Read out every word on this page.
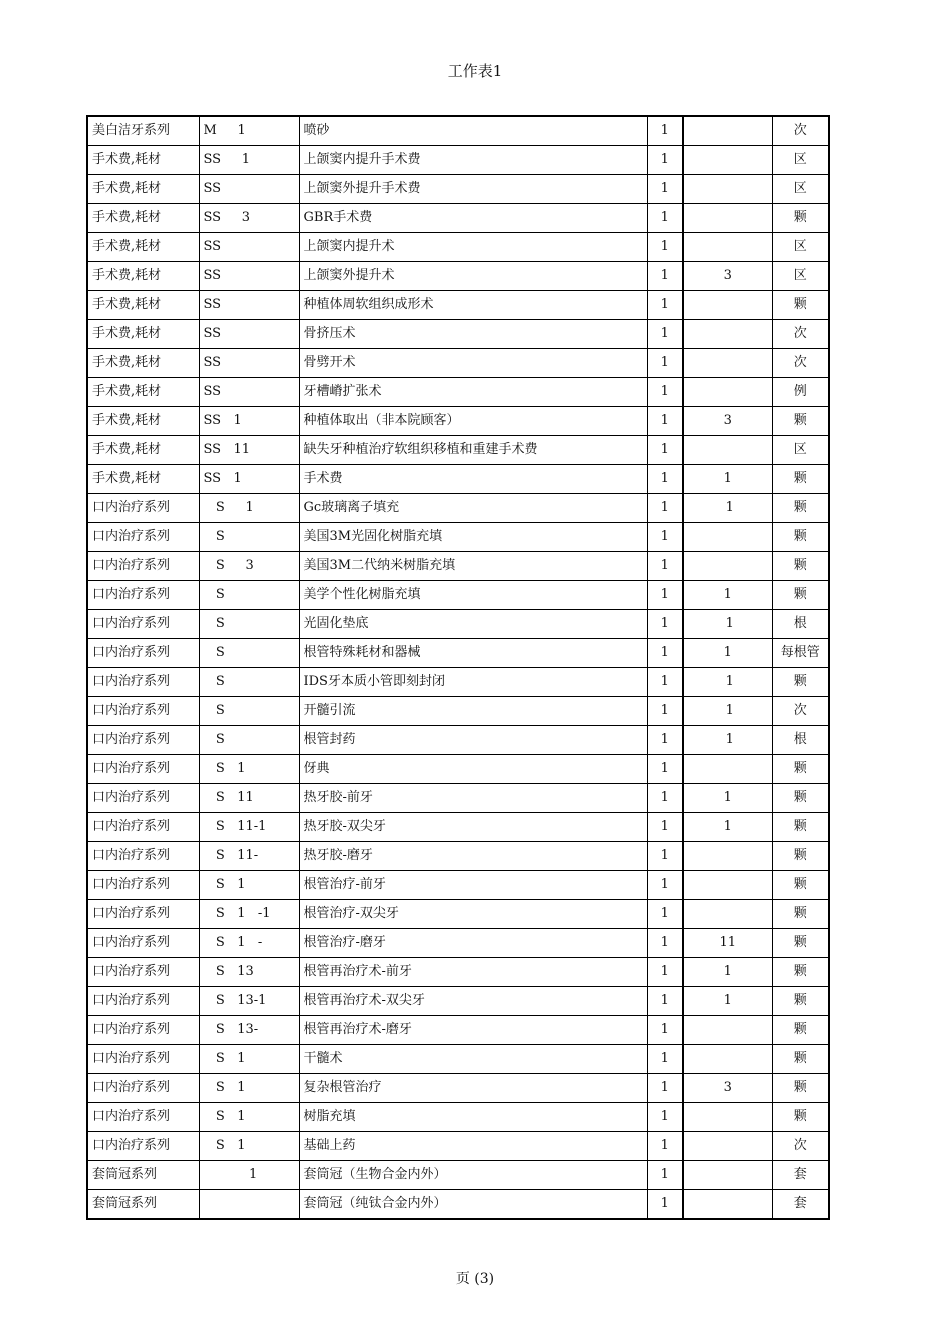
工作表1
美白洁牙系列	M     1	喷砂	1		次
手术费,耗材	SS     1	上颌窦内提升手术费	1		区
手术费,耗材	SS	上颌窦外提升手术费	1		区
手术费,耗材	SS     3	GBR手术费	1		颗
手术费,耗材	SS	上颌窦内提升术	1		区
手术费,耗材	SS	上颌窦外提升术	1	3	区
手术费,耗材	SS	种植体周软组织成形术	1		颗
手术费,耗材	SS	骨挤压术	1		次
手术费,耗材	SS	骨劈开术	1		次
手术费,耗材	SS	牙槽嵴扩张术	1		例
手术费,耗材	SS   1	种植体取出（非本院顾客）	1	3	颗
手术费,耗材	SS   11	缺失牙种植治疗软组织移植和重建手术费	1		区
手术费,耗材	SS   1	手术费	1	1	颗
口内治疗系列	S     1	Gc玻璃离子填充	1	1	颗
口内治疗系列	S	美国3M光固化树脂充填	1		颗
口内治疗系列	S     3	美国3M二代纳米树脂充填	1		颗
口内治疗系列	S	美学个性化树脂充填	1	1	颗
口内治疗系列	S	光固化垫底	1	1	根
口内治疗系列	S	根管特殊耗材和器械	1	1	每根管
口内治疗系列	S	IDS牙本质小管即刻封闭	1	1	颗
口内治疗系列	S	开髓引流	1	1	次
口内治疗系列	S	根管封药	1	1	根
口内治疗系列	S   1	伢典	1		颗
口内治疗系列	S   11	热牙胶-前牙	1	1	颗
口内治疗系列	S   11-1	热牙胶-双尖牙	1	1	颗
口内治疗系列	S   11-	热牙胶-磨牙	1		颗
口内治疗系列	S   1	根管治疗-前牙	1		颗
口内治疗系列	S   1   -1	根管治疗-双尖牙	1		颗
口内治疗系列	S   1   -	根管治疗-磨牙	1	11	颗
口内治疗系列	S   13	根管再治疗术-前牙	1	1	颗
口内治疗系列	S   13-1	根管再治疗术-双尖牙	1	1	颗
口内治疗系列	S   13-	根管再治疗术-磨牙	1		颗
口内治疗系列	S   1	干髓术	1		颗
口内治疗系列	S   1	复杂根管治疗	1	3	颗
口内治疗系列	S   1	树脂充填	1		颗
口内治疗系列	S   1	基础上药	1		次
套筒冠系列	1	套筒冠（生物合金内外）	1		套
套筒冠系列		套筒冠（纯钛合金内外）	1		套
页 (3)
